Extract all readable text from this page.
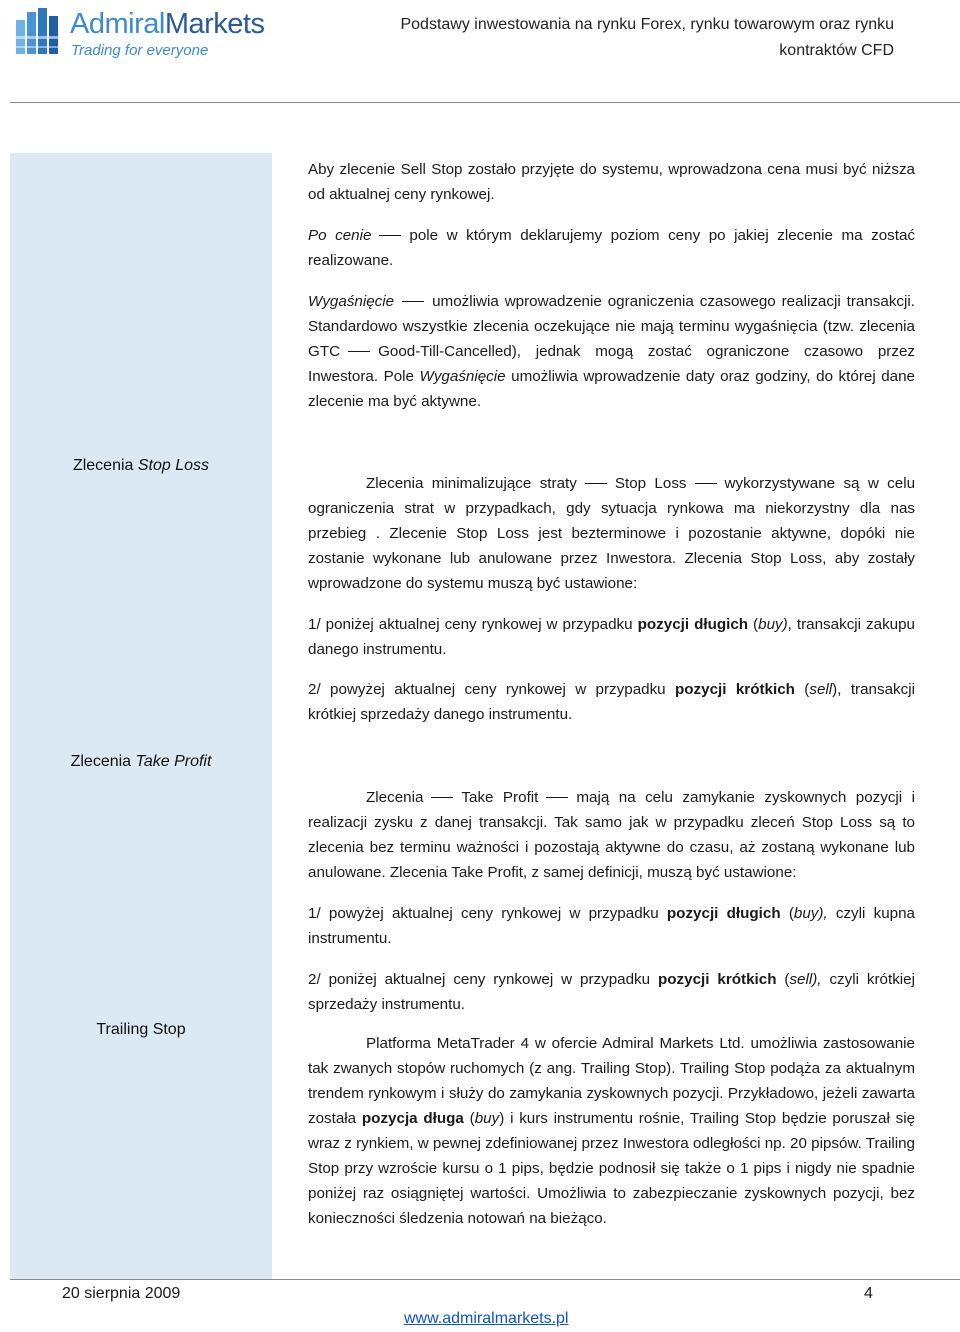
AdmiralMarkets
Trading for everyone
Podstawy inwestowania na rynku Forex, rynku towarowym oraz rynku
kontraktów CFD
Zlecenia Stop Loss
Zlecenia Take Profit
Trailing Stop
Aby zlecenie Sell Stop zostało przyjęte do systemu, wprowadzona cena musi być niższa od aktualnej ceny rynkowej.
Po cenie	pole w którym deklarujemy poziom ceny po jakiej zlecenie ma zostać realizowane.
Wygaśnięcie	umożliwia wprowadzenie ograniczenia czasowego realizacji transakcji. Standardowo wszystkie zlecenia oczekujące nie mają terminu wygaśnięcia (tzw. zlecenia GTC	Good-Till-Cancelled), jednak mogą zostać ograniczone czasowo przez Inwestora. Pole Wygaśnięcie umożliwia wprowadzenie daty oraz godziny, do której dane zlecenie ma być aktywne.
Zlecenia minimalizujące straty	Stop Loss	wykorzystywane są w celu ograniczenia strat w przypadkach, gdy sytuacja rynkowa ma niekorzystny dla nas przebieg . Zlecenie Stop Loss jest bezterminowe i pozostanie aktywne, dopóki nie zostanie wykonane lub anulowane przez Inwestora. Zlecenia Stop Loss, aby zostały wprowadzone do systemu muszą być ustawione:
1/ poniżej aktualnej ceny rynkowej w przypadku pozycji długich (buy), transakcji zakupu danego instrumentu.
2/ powyżej aktualnej ceny rynkowej w przypadku pozycji krótkich (sell), transakcji krótkiej sprzedaży danego instrumentu.
Zlecenia	Take Profit	mają na celu zamykanie zyskownych pozycji i realizacji zysku z danej transakcji. Tak samo jak w przypadku zleceń Stop Loss są to zlecenia bez terminu ważności i pozostają aktywne do czasu, aż zostaną wykonane lub anulowane. Zlecenia Take Profit, z samej definicji, muszą być ustawione:
1/ powyżej aktualnej ceny rynkowej w przypadku pozycji długich (buy), czyli kupna instrumentu.
2/ poniżej aktualnej ceny rynkowej w przypadku pozycji krótkich (sell), czyli krótkiej sprzedaży instrumentu.
Platforma MetaTrader 4 w ofercie Admiral Markets Ltd. umożliwia zastosowanie tak zwanych stopów ruchomych (z ang. Trailing Stop). Trailing Stop podąża za aktualnym trendem rynkowym i służy do zamykania zyskownych pozycji. Przykładowo, jeżeli zawarta została pozycja długa (buy) i kurs instrumentu rośnie, Trailing Stop będzie poruszał się wraz z rynkiem, w pewnej zdefiniowanej przez Inwestora odległości np. 20 pipsów. Trailing Stop przy wzroście kursu o 1 pips, będzie podnosił się także o 1 pips i nigdy nie spadnie poniżej raz osiągniętej wartości. Umożliwia to zabezpieczanie zyskownych pozycji, bez konieczności śledzenia notowań na bieżąco.
20 sierpnia 2009	4
www.admiralmarkets.pl
